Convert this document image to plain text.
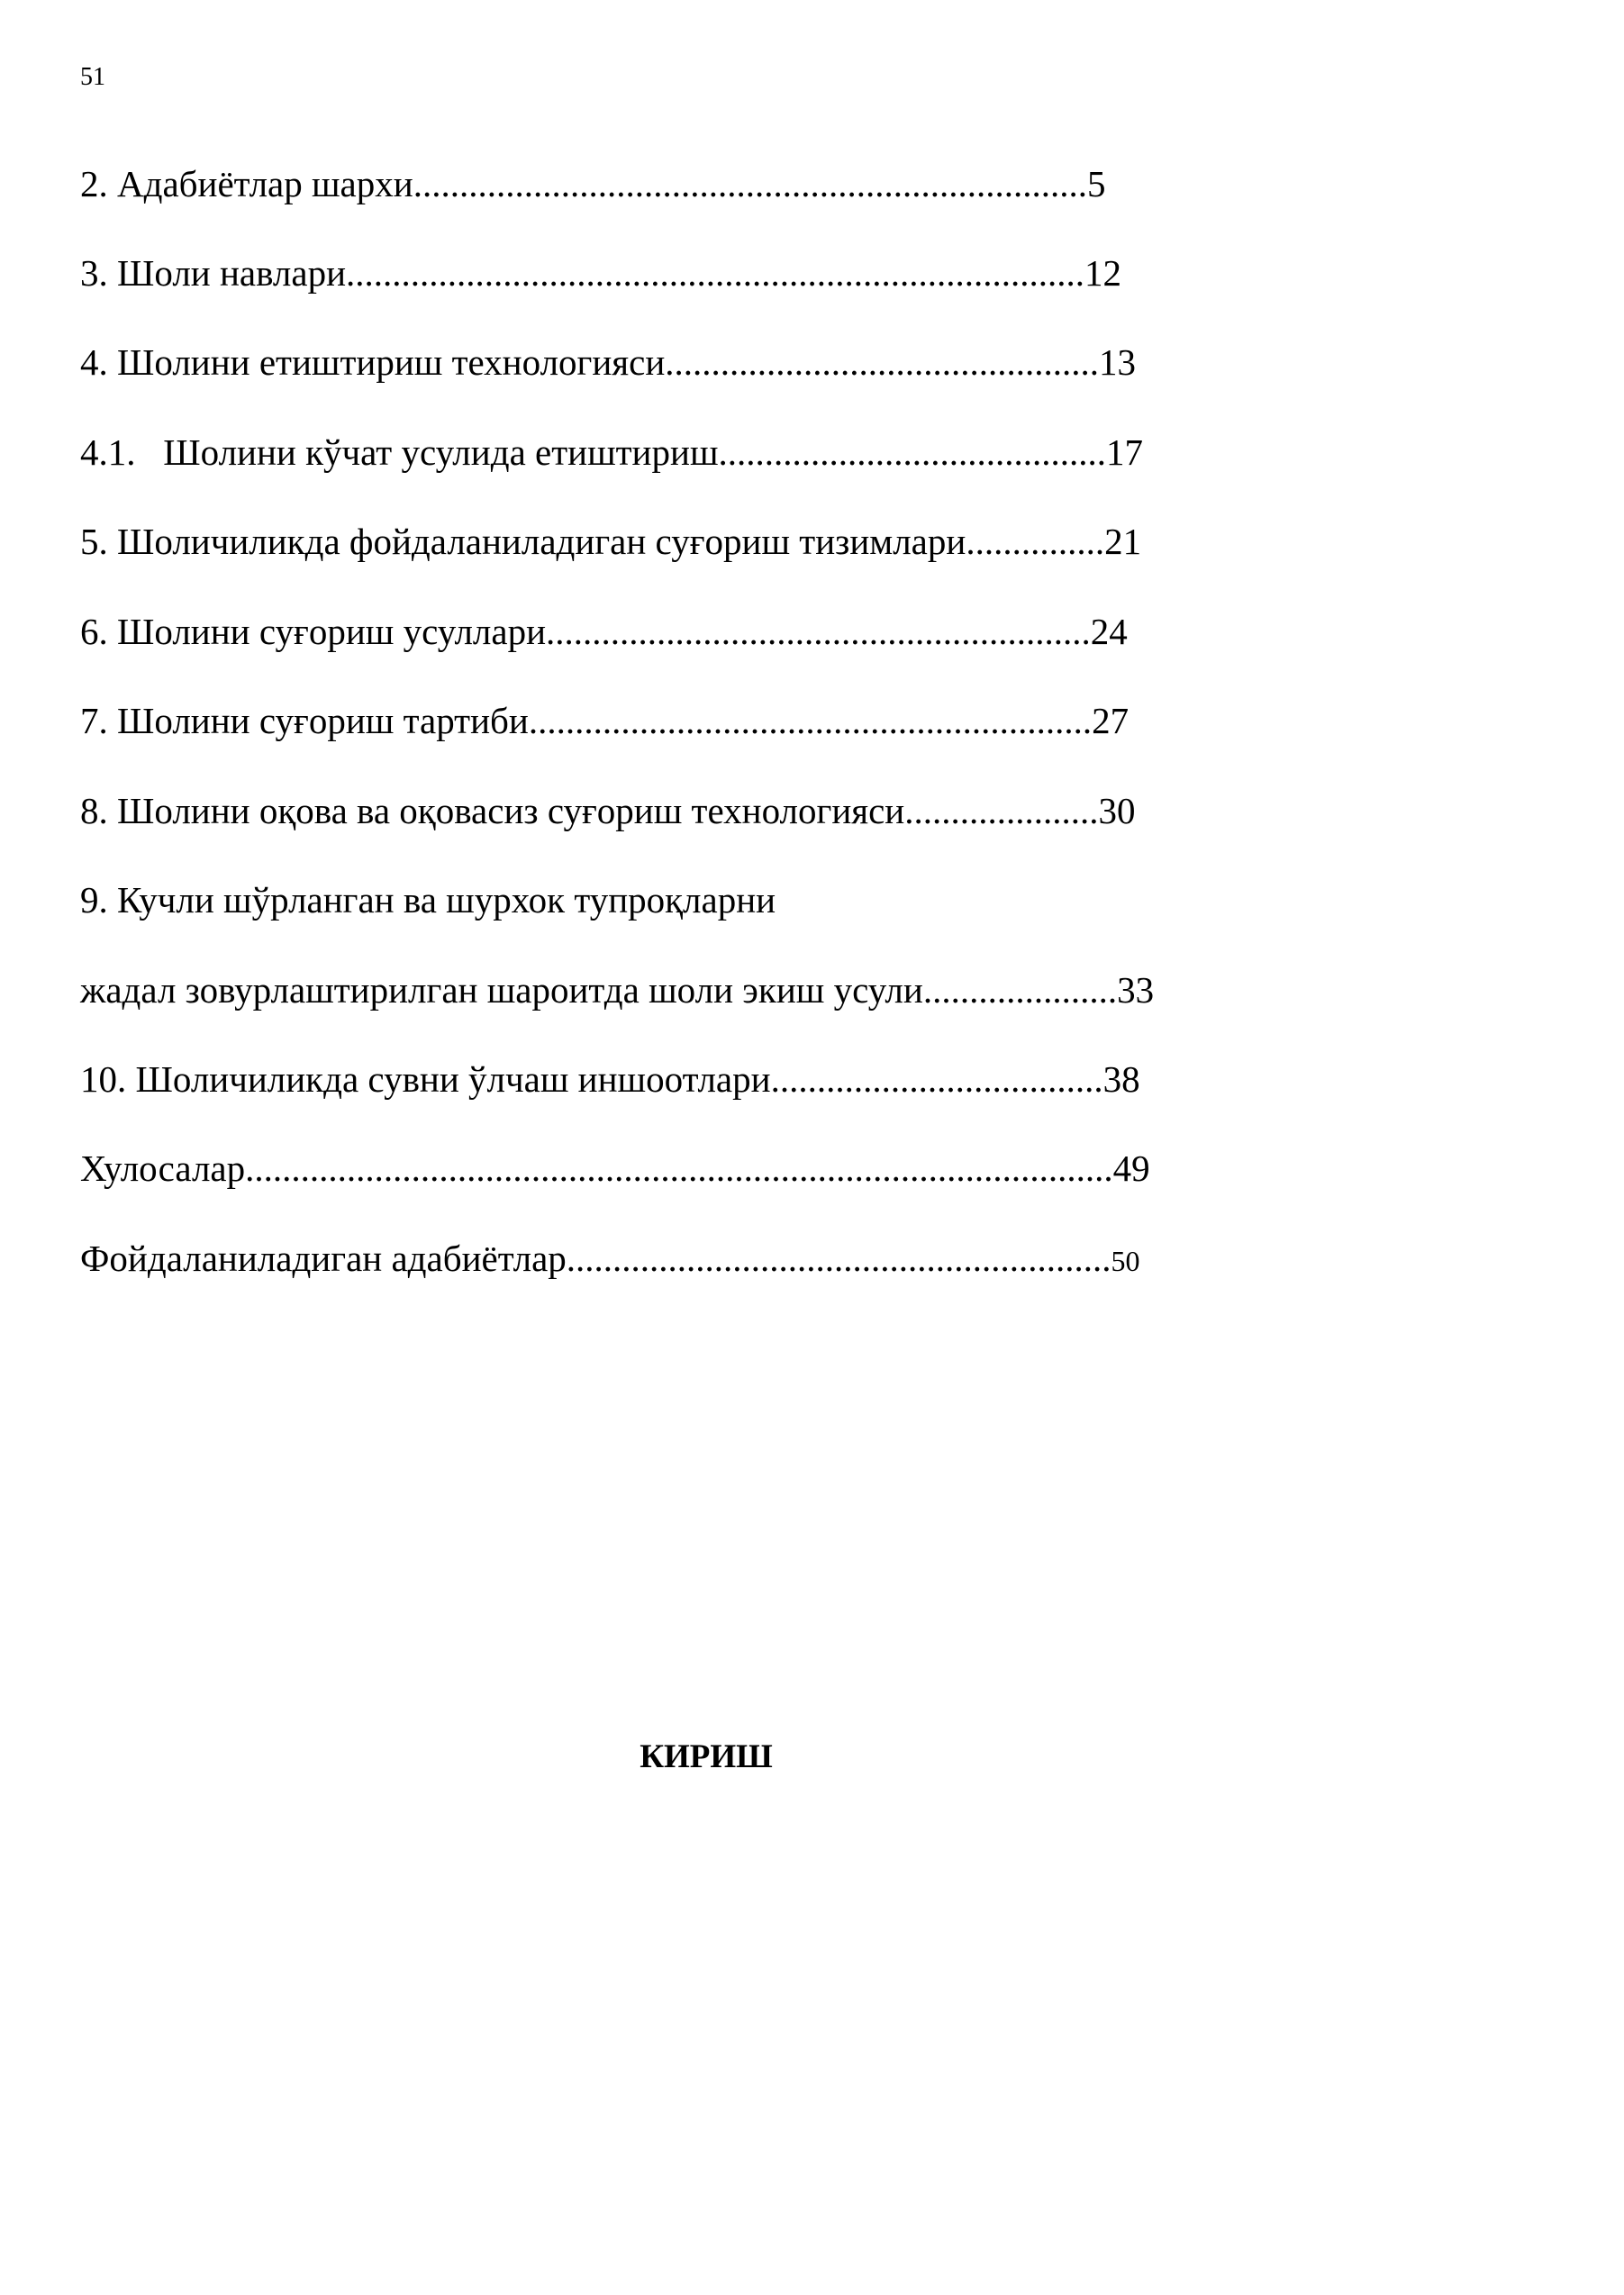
51
2. Адабиётлар шархи.........................................................................5
3. Шоли навлари................................................................................12
4. Шолини етиштириш технологияси...............................................13
4.1. Шолини кўчат усулида етиштириш..........................................17
5. Шоличиликда фойдаланиладиган суғориш тизимлари...............21
6. Шолини суғориш усуллари...........................................................24
7. Шолини суғориш тартиби.............................................................27
8. Шолини оқова ва оқовасиз суғориш технологияси.....................30
9. Кучли шўрланган ва шурхок тупроқларни
жадал зовурлаштирилган шароитда шоли экиш усули.....................33
10. Шоличиликда сувни ўлчаш иншоотлари....................................38
Хулосалар..............................................................................................49
Фойдаланиладиган адабиётлар...........................................................50
КИРИШ
